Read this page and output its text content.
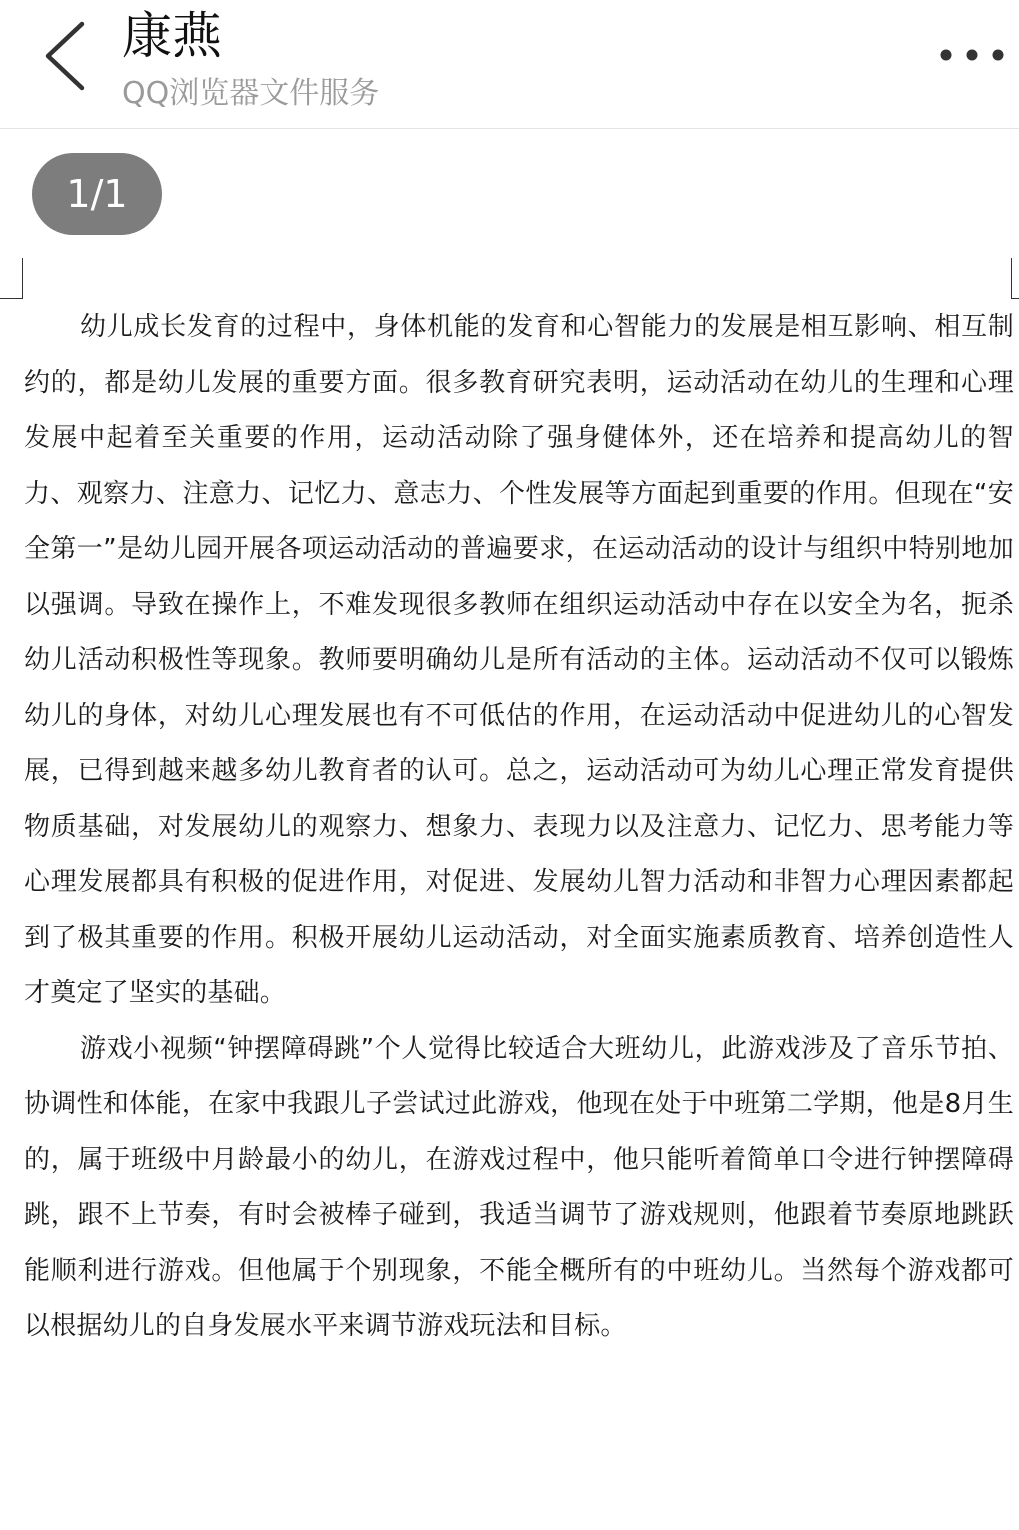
康燕
QQ浏览器文件服务
1/1

幼儿成长发育的过程中，身体机能的发育和心智能力的发展是相互影响、相互制约的，都是幼儿发展的重要方面。很多教育研究表明，运动活动在幼儿的生理和心理发展中起着至关重要的作用，运动活动除了强身健体外，还在培养和提高幼儿的智力、观察力、注意力、记忆力、意志力、个性发展等方面起到重要的作用。但现在“安全第一”是幼儿园开展各项运动活动的普遍要求，在运动活动的设计与组织中特别地加以强调。导致在操作上，不难发现很多教师在组织运动活动中存在以安全为名，扼杀幼儿活动积极性等现象。教师要明确幼儿是所有活动的主体。运动活动不仅可以锻炼幼儿的身体，对幼儿心理发展也有不可低估的作用，在运动活动中促进幼儿的心智发展，已得到越来越多幼儿教育者的认可。总之，运动活动可为幼儿心理正常发育提供物质基础，对发展幼儿的观察力、想象力、表现力以及注意力、记忆力、思考能力等心理发展都具有积极的促进作用，对促进、发展幼儿智力活动和非智力心理因素都起到了极其重要的作用。积极开展幼儿运动活动，对全面实施素质教育、培养创造性人才奠定了坚实的基础。

游戏小视频“钟摆障碍跳”个人觉得比较适合大班幼儿，此游戏涉及了音乐节拍、协调性和体能，在家中我跟儿子尝试过此游戏，他现在处于中班第二学期，他是8月生的，属于班级中月龄最小的幼儿，在游戏过程中，他只能听着简单口令进行钟摆障碍跳，跟不上节奏，有时会被棒子碰到，我适当调节了游戏规则，他跟着节奏原地跳跃能顺利进行游戏。但他属于个别现象，不能全概所有的中班幼儿。当然每个游戏都可以根据幼儿的自身发展水平来调节游戏玩法和目标。
